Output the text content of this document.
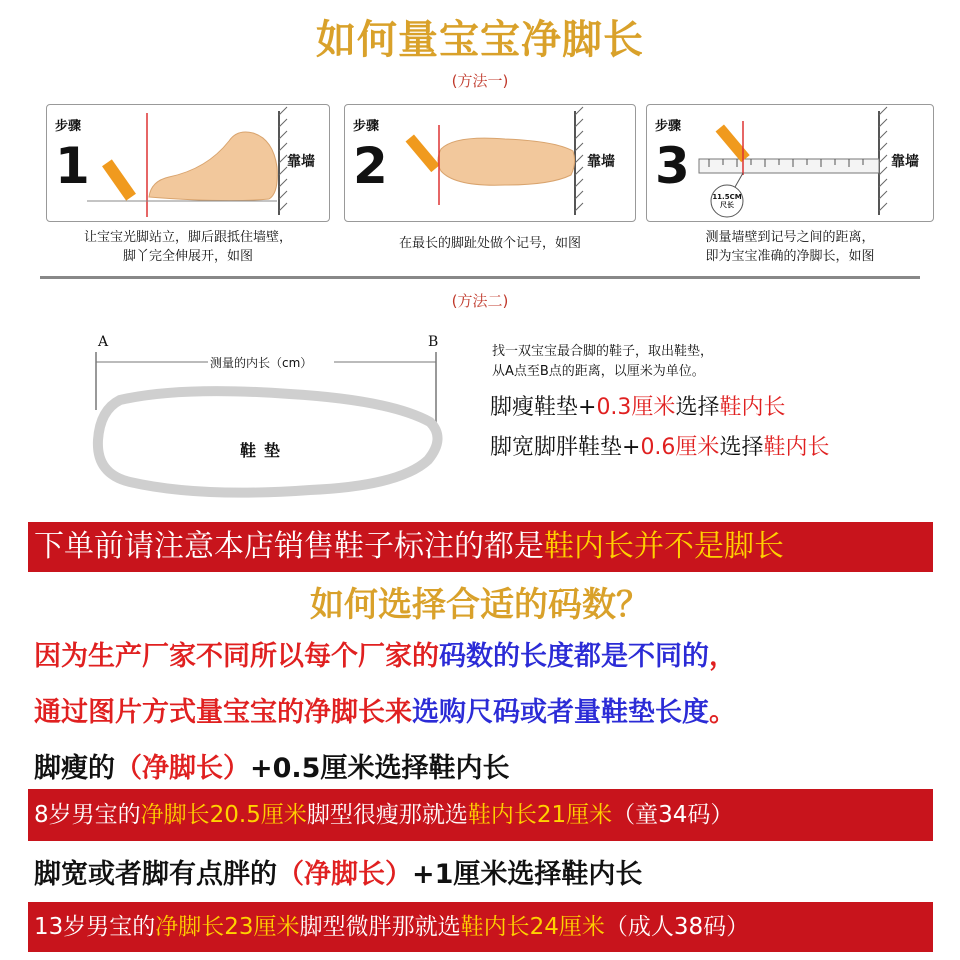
如何量宝宝净脚长
(方法一)
步骤
1	靠墙
步骤
2	靠墙
步骤
3	靠墙
11.5CM
尺长
让宝宝光脚站立，脚后跟抵住墙壁，
脚丫完全伸展开，如图
在最长的脚趾处做个记号，如图	测量墙壁到记号之间的距离，
即为宝宝准确的净脚长，如图
(方法二)
A	B
测量的内长（cm）
鞋垫
找一双宝宝最合脚的鞋子，取出鞋垫，
从A点至B点的距离，以厘米为单位。
脚瘦鞋垫+0.3厘米选择鞋内长
脚宽脚胖鞋垫+0.6厘米选择鞋内长
下单前请注意本店销售鞋子标注的都是鞋内长并不是脚长
如何选择合适的码数？
因为生产厂家不同所以每个厂家的码数的长度都是不同的，
通过图片方式量宝宝的净脚长来选购尺码或者量鞋垫长度。
脚瘦的（净脚长）+0.5厘米选择鞋内长
8岁男宝的净脚长20.5厘米脚型很瘦那就选鞋内长21厘米（童34码）
脚宽或者脚有点胖的（净脚长）+1厘米选择鞋内长
13岁男宝的净脚长23厘米脚型微胖那就选鞋内长24厘米（成人38码）
